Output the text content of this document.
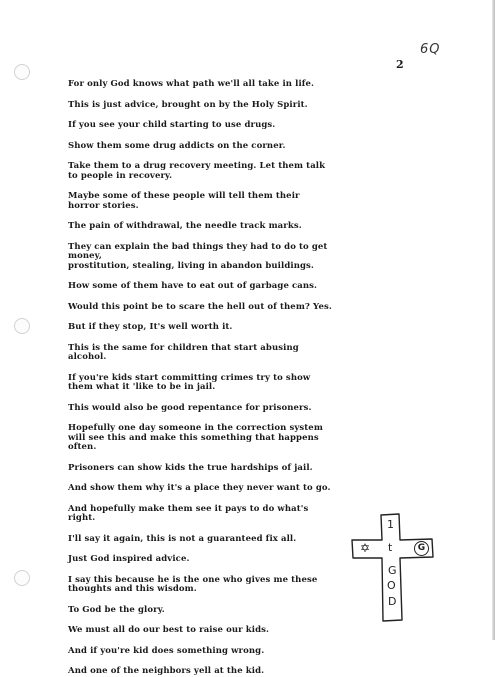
2
6Q

For only God knows what path we'll all take in life.

This is just advice, brought on by the Holy Spirit.

If you see your child starting to use drugs.

Show them some drug addicts on the corner.

Take them to a drug recovery meeting. Let them talk
to people in recovery.

Maybe some of these people will tell them their
horror stories.

The pain of withdrawal, the needle track marks.

They can explain the bad things they had to do to get
money,
prostitution, stealing, living in abandon buildings.

How some of them have to eat out of garbage cans.

Would this point be to scare the hell out of them? Yes.

But if they stop, It's well worth it.

This is the same for children that start abusing
alcohol.

If you're kids start committing crimes try to show
them what it 'like to be in jail.

This would also be good repentance for prisoners.

Hopefully one day someone in the correction system
will see this and make this something that happens
often.

Prisoners can show kids the true hardships of jail.

And show them why it's a place they never want to go.

And hopefully make them see it pays to do what's
right.

I'll say it again, this is not a guaranteed fix all.

Just God inspired advice.

I say this because he is the one who gives me these
thoughts and this wisdom.

To God be the glory.

We must all do our best to raise our kids.

And if you're kid does something wrong.

And one of the neighbors yell at the kid.

1
✡ t	G
G
O
D
